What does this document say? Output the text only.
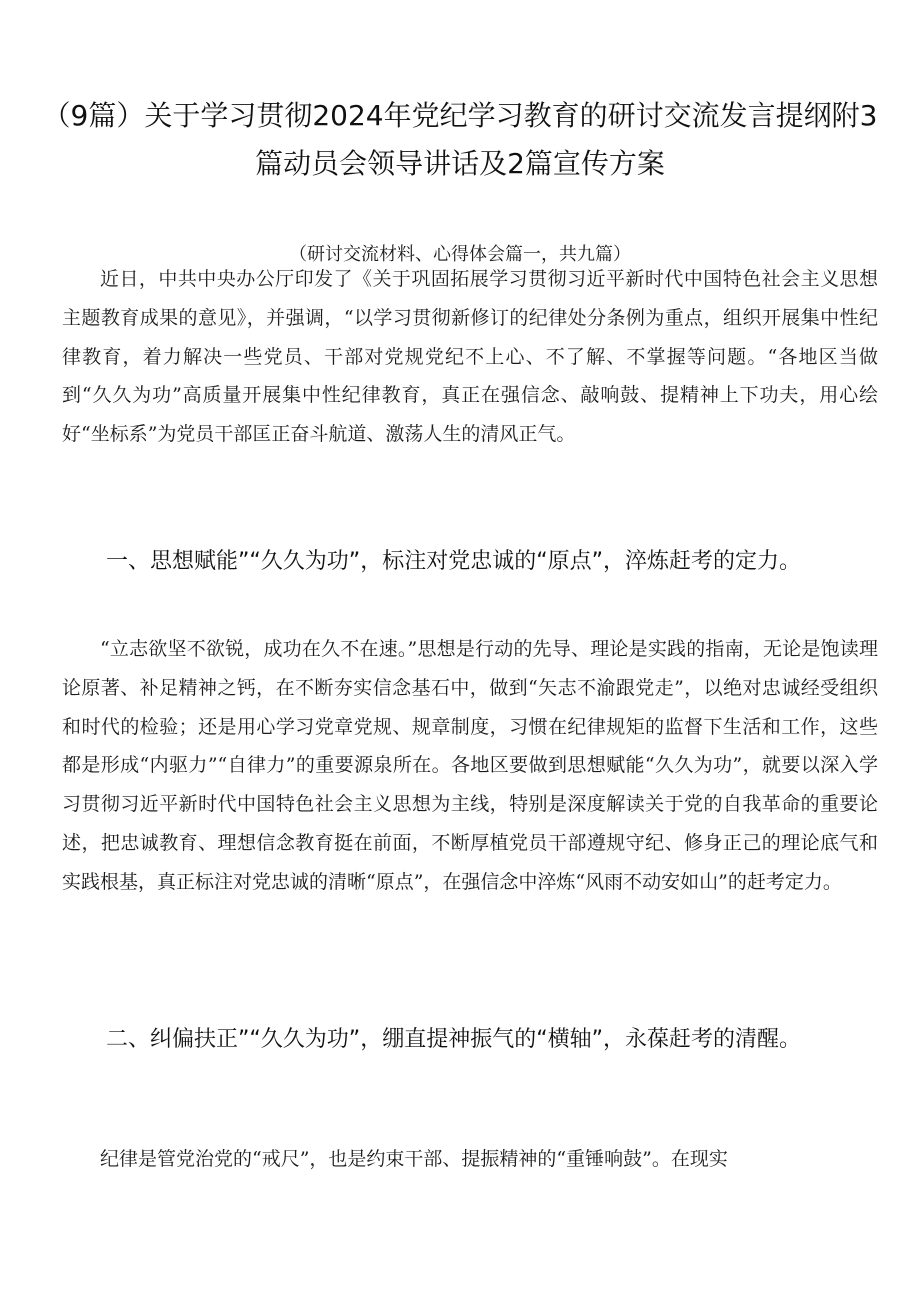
（9篇）关于学习贯彻2024年党纪学习教育的研讨交流发言提纲附3篇动员会领导讲话及2篇宣传方案

（研讨交流材料、心得体会篇一，共九篇）

近日，中共中央办公厅印发了《关于巩固拓展学习贯彻习近平新时代中国特色社会主义思想主题教育成果的意见》，并强调，“以学习贯彻新修订的纪律处分条例为重点，组织开展集中性纪律教育，着力解决一些党员、干部对党规党纪不上心、不了解、不掌握等问题。“各地区当做到“久久为功”高质量开展集中性纪律教育，真正在强信念、敲响鼓、提精神上下功夫，用心绘好“坐标系”为党员干部匡正奋斗航道、激荡人生的清风正气。

一、思想赋能”“久久为功”，标注对党忠诚的“原点”，淬炼赶考的定力。

“立志欲坚不欲锐，成功在久不在速。”思想是行动的先导、理论是实践的指南，无论是饱读理论原著、补足精神之钙，在不断夯实信念基石中，做到“矢志不渝跟党走”，以绝对忠诚经受组织和时代的检验；还是用心学习党章党规、规章制度，习惯在纪律规矩的监督下生活和工作，这些都是形成“内驱力”“自律力”的重要源泉所在。各地区要做到思想赋能“久久为功”，就要以深入学习贯彻习近平新时代中国特色社会主义思想为主线，特别是深度解读关于党的自我革命的重要论述，把忠诚教育、理想信念教育挺在前面，不断厚植党员干部遵规守纪、修身正己的理论底气和实践根基，真正标注对党忠诚的清晰“原点”，在强信念中淬炼“风雨不动安如山”的赶考定力。

二、纠偏扶正”“久久为功”，绷直提神振气的“横轴”，永葆赶考的清醒。

纪律是管党治党的“戒尺”，也是约束干部、提振精神的“重锤响鼓”。在现实
